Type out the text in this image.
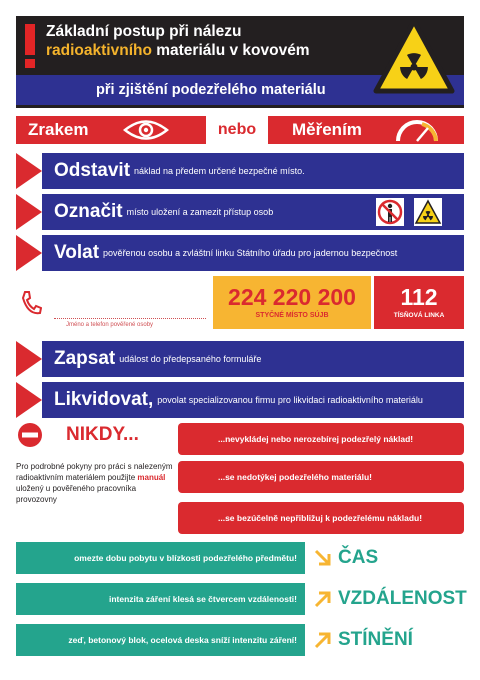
Základní postup při nálezu
radioaktivního materiálu v kovovém
při zjištění podezřelého materiálu
Zrakem	nebo	Měřením
Odstavit náklad na předem určené bezpečné místo.
Označit místo uložení a zamezit přístup osob
Volat pověřenou osobu a zvláštní linku Státního úřadu pro jadernou bezpečnost
Jméno a telefon pověřené osoby
224 220 200
STYČNÉ MÍSTO SÚJB
112
TÍSŇOVÁ LINKA
Zapsat událost do předepsaného formuláře
Likvidovat, povolat specializovanou firmu pro likvidaci radioaktivního materiálu
NIKDY...	...nevykládej nebo nerozebírej podezřelý náklad!
...se nedotýkej podezřelého materiálu!
...se bezúčelně nepřibližuj k podezřelému nákladu!
Pro podrobné pokyny pro práci s nalezeným radioaktivním materiálem použijte manuál uložený u pověřeného pracovníka provozovny
omezte dobu pobytu v blízkosti podezřelého předmětu!	ČAS
intenzita záření klesá se čtvercem vzdálenosti!	VZDÁLENOST
zeď, betonový blok, ocelová deska sníží intenzitu záření!	STÍNĚNÍ
